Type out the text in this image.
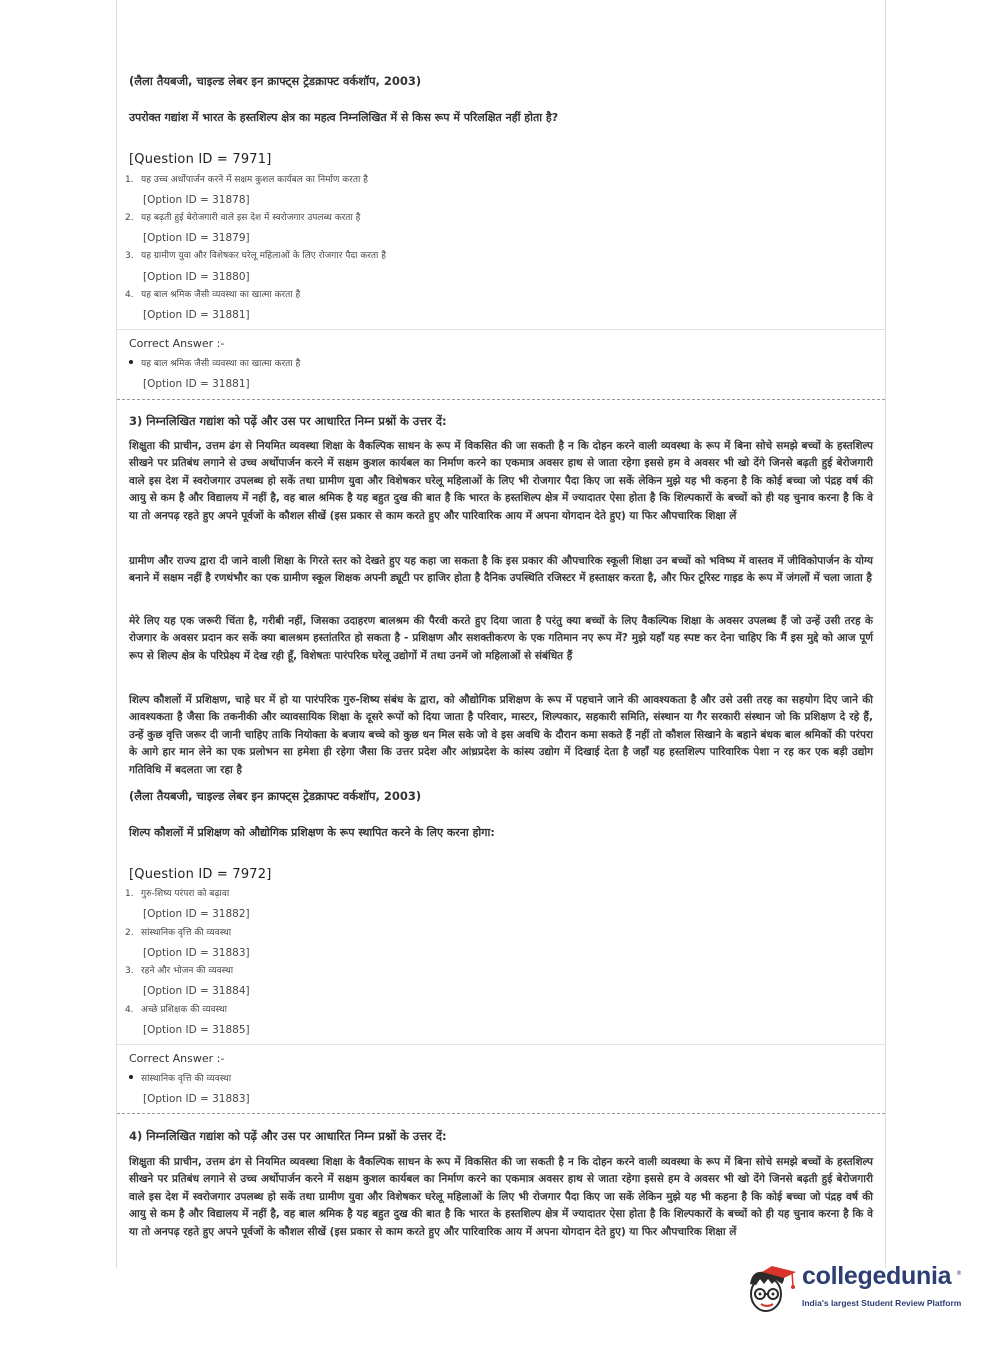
(लैला तैयबजी, चाइल्ड लेबर इन क्राफ्ट्स ट्रेडक्राफ्ट वर्कशॉप, 2003)
उपरोक्त गद्यांश में भारत के हस्तशिल्प क्षेत्र का महत्व निम्नलिखित में से किस रूप में परिलक्षित नहीं होता है?
[Question ID = 7971]
1. यह उच्च अर्थोपार्जन करने में सक्षम कुशल कार्यबल का निर्माण करता है
[Option ID = 31878]
2. यह बढ़ती हुई बेरोजगारी वाले इस देश में स्वरोजगार उपलब्ध करता है
[Option ID = 31879]
3. यह ग्रामीण युवा और विशेषकर घरेलू महिलाओं के लिए रोजगार पैदा करता है
[Option ID = 31880]
4. यह बाल श्रमिक जैसी व्यवस्था का खात्मा करता है
[Option ID = 31881]
Correct Answer :-
यह बाल श्रमिक जैसी व्यवस्था का खात्मा करता है
[Option ID = 31881]
3) निम्नलिखित गद्यांश को पढ़ें और उस पर आधारित निम्न प्रश्नों के उत्तर दें:
शिक्षुता की प्राचीन, उत्तम ढंग से नियमित व्यवस्था शिक्षा के वैकल्पिक साधन के रूप में विकसित की जा सकती है न कि दोहन करने वाली व्यवस्था के रूप में बिना सोचे समझे बच्चों के हस्तशिल्प सीखने पर प्रतिबंध लगाने से उच्च अर्थोपार्जन करने में सक्षम कुशल कार्यबल का निर्माण करने का एकमात्र अवसर हाथ से जाता रहेगा इससे हम वे अवसर भी खो देंगे जिनसे बढ़ती हुई बेरोजगारी वाले इस देश में स्वरोजगार उपलब्ध हो सकें तथा ग्रामीण युवा और विशेषकर घरेलू महिलाओं के लिए भी रोजगार पैदा किए जा सकें लेकिन मुझे यह भी कहना है कि कोई बच्चा जो पंद्रह वर्ष की आयु से कम है और विद्यालय में नहीं है, वह बाल श्रमिक है यह बहुत दुख की बात है कि भारत के हस्तशिल्प क्षेत्र में ज्यादातर ऐसा होता है कि शिल्पकारों के बच्चों को ही यह चुनाव करना है कि वे या तो अनपढ़ रहते हुए अपने पूर्वजों के कौशल सीखें (इस प्रकार से काम करते हुए और पारिवारिक आय में अपना योगदान देते हुए) या फिर औपचारिक शिक्षा लें
ग्रामीण और राज्य द्वारा दी जाने वाली शिक्षा के गिरते स्तर को देखते हुए यह कहा जा सकता है कि इस प्रकार की औपचारिक स्कूली शिक्षा उन बच्चों को भविष्य में वास्तव में जीविकोपार्जन के योग्य बनाने में सक्षम नहीं है रणथंभौर का एक ग्रामीण स्कूल शिक्षक अपनी ड्यूटी पर हाजिर होता है दैनिक उपस्थिति रजिस्टर में हस्ताक्षर करता है, और फिर टूरिस्ट गाइड के रूप में जंगलों में चला जाता है
मेरे लिए यह एक जरूरी चिंता है, गरीबी नहीं, जिसका उदाहरण बालश्रम की पैरवी करते हुए दिया जाता है परंतु क्या बच्चों के लिए वैकल्पिक शिक्षा के अवसर उपलब्ध हैं जो उन्हें उसी तरह के रोजगार के अवसर प्रदान कर सकें क्या बालश्रम हस्तांतरित हो सकता है - प्रशिक्षण और सशक्तीकरण के एक गतिमान नए रूप में? मुझे यहाँ यह स्पष्ट कर देना चाहिए कि मैं इस मुद्दे को आज पूर्ण रूप से शिल्प क्षेत्र के परिप्रेक्ष्य में देख रही हूँ, विशेषतः पारंपरिक घरेलू उद्योगों में तथा उनमें जो महिलाओं से संबंधित हैं
शिल्प कौशलों में प्रशिक्षण, चाहे घर में हो या पारंपरिक गुरु-शिष्य संबंध के द्वारा, को औद्योगिक प्रशिक्षण के रूप में पहचाने जाने की आवश्यकता है और उसे उसी तरह का सहयोग दिए जाने की आवश्यकता है जैसा कि तकनीकी और व्यावसायिक शिक्षा के दूसरे रूपों को दिया जाता है परिवार, मास्टर, शिल्पकार, सहकारी समिति, संस्थान या गैर सरकारी संस्थान जो कि प्रशिक्षण दे रहे हैं, उन्हें कुछ वृत्ति जरूर दी जानी चाहिए ताकि नियोक्ता के बजाय बच्चे को कुछ धन मिल सके जो वे इस अवधि के दौरान कमा सकते हैं नहीं तो कौशल सिखाने के बहाने बंधक बाल श्रमिकों की परंपरा के आगे हार मान लेने का एक प्रलोभन सा हमेशा ही रहेगा जैसा कि उत्तर प्रदेश और आंध्रप्रदेश के कांस्य उद्योग में दिखाई देता है जहाँ यह हस्तशिल्प पारिवारिक पेशा न रह कर एक बड़ी उद्योग गतिविधि में बदलता जा रहा है
(लैला तैयबजी, चाइल्ड लेबर इन क्राफ्ट्स ट्रेडक्राफ्ट वर्कशॉप, 2003)
शिल्प कौशलों में प्रशिक्षण को औद्योगिक प्रशिक्षण के रूप स्थापित करने के लिए करना होगा:
[Question ID = 7972]
1. गुरु-शिष्य परंपरा को बढ़ावा
[Option ID = 31882]
2. सांस्थानिक वृत्ति की व्यवस्था
[Option ID = 31883]
3. रहने और भोजन की व्यवस्था
[Option ID = 31884]
4. अच्छे प्रशिक्षक की व्यवस्था
[Option ID = 31885]
Correct Answer :-
सांस्थानिक वृत्ति की व्यवस्था
[Option ID = 31883]
4) निम्नलिखित गद्यांश को पढ़ें और उस पर आधारित निम्न प्रश्नों के उत्तर दें:
शिक्षुता की प्राचीन, उत्तम ढंग से नियमित व्यवस्था शिक्षा के वैकल्पिक साधन के रूप में विकसित की जा सकती है न कि दोहन करने वाली व्यवस्था के रूप में बिना सोचे समझे बच्चों के हस्तशिल्प सीखने पर प्रतिबंध लगाने से उच्च अर्थोपार्जन करने में सक्षम कुशल कार्यबल का निर्माण करने का एकमात्र अवसर हाथ से जाता रहेगा इससे हम वे अवसर भी खो देंगे जिनसे बढ़ती हुई बेरोजगारी वाले इस देश में स्वरोजगार उपलब्ध हो सकें तथा ग्रामीण युवा और विशेषकर घरेलू महिलाओं के लिए भी रोजगार पैदा किए जा सकें लेकिन मुझे यह भी कहना है कि कोई बच्चा जो पंद्रह वर्ष की आयु से कम है और विद्यालय में नहीं है, वह बाल श्रमिक है यह बहुत दुख की बात है कि भारत के हस्तशिल्प क्षेत्र में ज्यादातर ऐसा होता है कि शिल्पकारों के बच्चों को ही यह चुनाव करना है कि वे या तो अनपढ़ रहते हुए अपने पूर्वजों के कौशल सीखें (इस प्रकार से काम करते हुए और पारिवारिक आय में अपना योगदान देते हुए) या फिर औपचारिक शिक्षा लें
collegedunia ®
India's largest Student Review Platform
